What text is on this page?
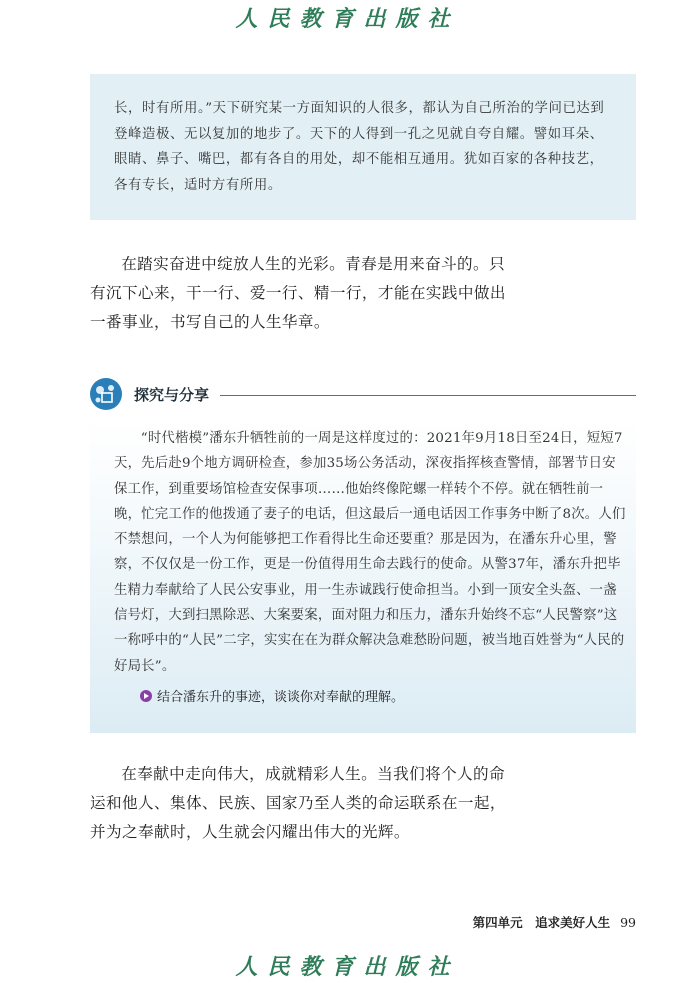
人民教育出版社

长，时有所用。”天下研究某一方面知识的人很多，都认为自己所治的学问已达到登峰造极、无以复加的地步了。天下的人得到一孔之见就自夸自耀。譬如耳朵、眼睛、鼻子、嘴巴，都有各自的用处，却不能相互通用。犹如百家的各种技艺，各有专长，适时方有所用。

在踏实奋进中绽放人生的光彩。青春是用来奋斗的。只有沉下心来，干一行、爱一行、精一行，才能在实践中做出一番事业，书写自己的人生华章。

探究与分享

“时代楷模”潘东升牺牲前的一周是这样度过的：2021年9月18日至24日，短短7天，先后赴9个地方调研检查，参加35场公务活动，深夜指挥核查警情，部署节日安保工作，到重要场馆检查安保事项……他始终像陀螺一样转个不停。就在牺牲前一晚，忙完工作的他拨通了妻子的电话，但这最后一通电话因工作事务中断了8次。人们不禁想问，一个人为何能够把工作看得比生命还要重？那是因为，在潘东升心里，警察，不仅仅是一份工作，更是一份值得用生命去践行的使命。从警37年，潘东升把毕生精力奉献给了人民公安事业，用一生赤诚践行使命担当。小到一顶安全头盔、一盏信号灯，大到扫黑除恶、大案要案，面对阻力和压力，潘东升始终不忘“人民警察”这一称呼中的“人民”二字，实实在在为群众解决急难愁盼问题，被当地百姓誉为“人民的好局长”。

结合潘东升的事迹，谈谈你对奉献的理解。

在奉献中走向伟大，成就精彩人生。当我们将个人的命运和他人、集体、民族、国家乃至人类的命运联系在一起，并为之奉献时，人生就会闪耀出伟大的光辉。

第四单元　追求美好人生 99
人民教育出版社
